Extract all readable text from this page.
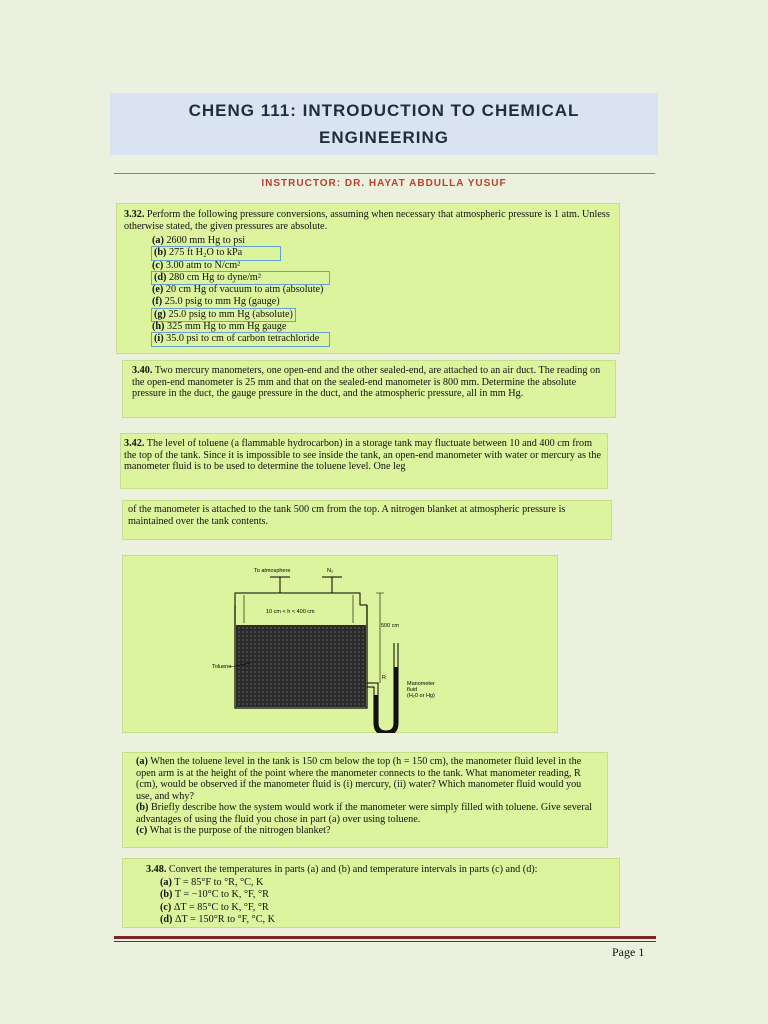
CHENG 111: INTRODUCTION TO CHEMICAL ENGINEERING
INSTRUCTOR: DR. HAYAT ABDULLA YUSUF
3.32. Perform the following pressure conversions, assuming when necessary that atmospheric pressure is 1 atm. Unless otherwise stated, the given pressures are absolute.
(a) 2600 mm Hg to psi
(b) 275 ft H₂O to kPa
(c) 3.00 atm to N/cm²
(d) 280 cm Hg to dyne/m²
(e) 20 cm Hg of vacuum to atm (absolute)
(f) 25.0 psig to mm Hg (gauge)
(g) 25.0 psig to mm Hg (absolute)
(h) 325 mm Hg to mm Hg gauge
(i) 35.0 psi to cm of carbon tetrachloride
3.40. Two mercury manometers, one open-end and the other sealed-end, are attached to an air duct. The reading on the open-end manometer is 25 mm and that on the sealed-end manometer is 800 mm. Determine the absolute pressure in the duct, the gauge pressure in the duct, and the atmospheric pressure, all in mm Hg.
3.42. The level of toluene (a flammable hydrocarbon) in a storage tank may fluctuate between 10 and 400 cm from the top of the tank. Since it is impossible to see inside the tank, an open-end manometer with water or mercury as the manometer fluid is to be used to determine the toluene level. One leg
of the manometer is attached to the tank 500 cm from the top. A nitrogen blanket at atmospheric pressure is maintained over the tank contents.
To atmosphere	N₂
10 cm < h < 400 cm
500 cm
Toluene
R
Manometer
fluid
(H₂0 or Hg)
(a) When the toluene level in the tank is 150 cm below the top (h = 150 cm), the manometer fluid level in the open arm is at the height of the point where the manometer connects to the tank. What manometer reading, R (cm), would be observed if the manometer fluid is (i) mercury, (ii) water? Which manometer fluid would you use, and why?
(b) Briefly describe how the system would work if the manometer were simply filled with toluene. Give several advantages of using the fluid you chose in part (a) over using toluene.
(c) What is the purpose of the nitrogen blanket?
3.48. Convert the temperatures in parts (a) and (b) and temperature intervals in parts (c) and (d):
(a) T = 85°F to °R, °C, K
(b) T = −10°C to K, °F, °R
(c) ΔT = 85°C to K, °F, °R
(d) ΔT = 150°R to °F, °C, K
Page 1
